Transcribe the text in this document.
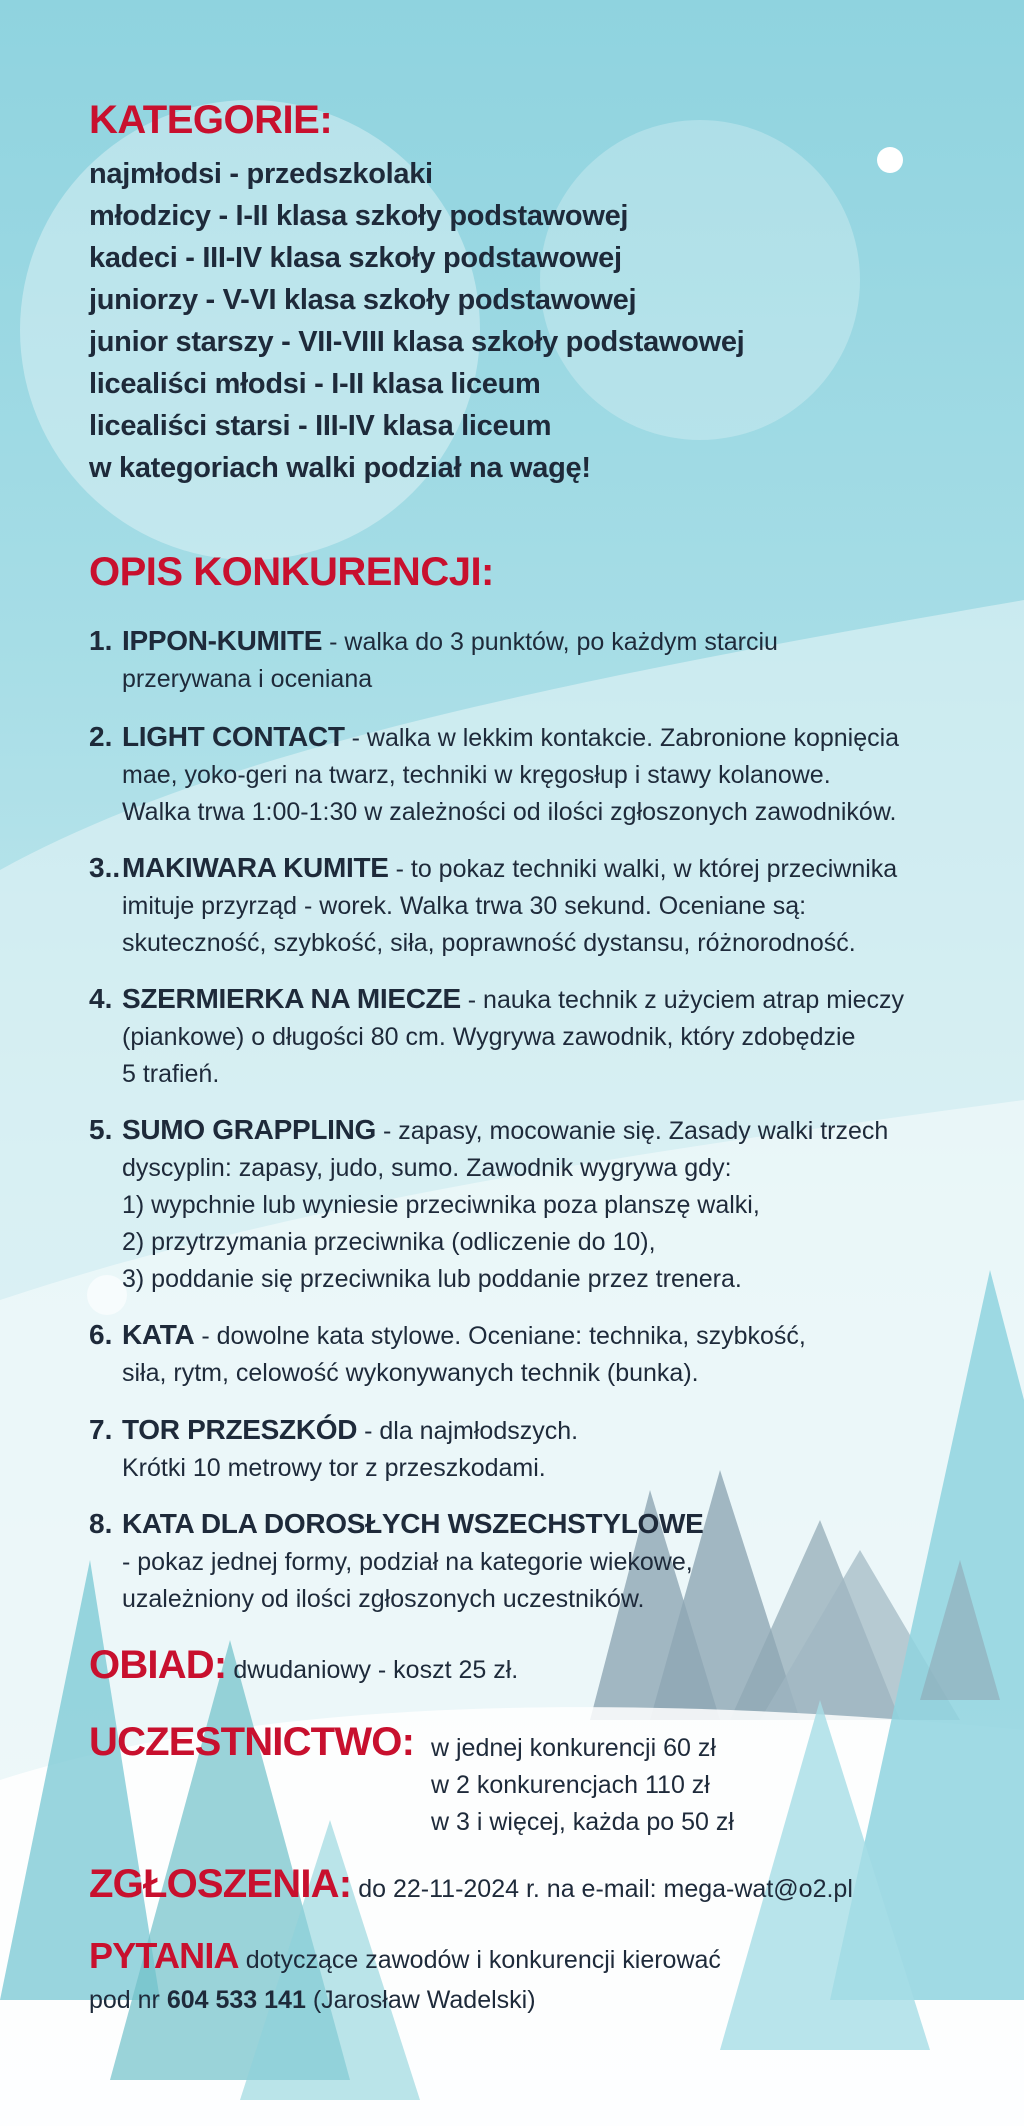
KATEGORIE:
najmłodsi - przedszkolaki
młodzicy - I-II klasa szkoły podstawowej
kadeci - III-IV klasa szkoły podstawowej
juniorzy - V-VI klasa szkoły podstawowej
junior starszy - VII-VIII klasa szkoły podstawowej
licealiści młodsi - I-II klasa liceum
licealiści starsi - III-IV klasa liceum
w kategoriach walki podział na wagę!
OPIS KONKURENCJI:
1. IPPON-KUMITE - walka do 3 punktów, po każdym starciu
przerywana i oceniana
2. LIGHT CONTACT - walka w lekkim kontakcie. Zabronione kopnięcia
mae, yoko-geri na twarz, techniki w kręgosłup i stawy kolanowe.
Walka trwa 1:00-1:30 w zależności od ilości zgłoszonych zawodników.
3.. MAKIWARA KUMITE - to pokaz techniki walki, w której przeciwnika
imituje przyrząd - worek. Walka trwa 30 sekund. Oceniane są:
skuteczność, szybkość, siła, poprawność dystansu, różnorodność.
4. SZERMIERKA NA MIECZE - nauka technik z użyciem atrap mieczy
(piankowe) o długości 80 cm. Wygrywa zawodnik, który zdobędzie
5 trafień.
5. SUMO GRAPPLING - zapasy, mocowanie się. Zasady walki trzech
dyscyplin: zapasy, judo, sumo. Zawodnik wygrywa gdy:
1) wypchnie lub wyniesie przeciwnika poza planszę walki,
2) przytrzymania przeciwnika (odliczenie do 10),
3) poddanie się przeciwnika lub poddanie przez trenera.
6. KATA - dowolne kata stylowe. Oceniane: technika, szybkość,
siła, rytm, celowość wykonywanych technik (bunka).
7. TOR PRZESZKÓD - dla najmłodszych.
Krótki 10 metrowy tor z przeszkodami.
8. KATA DLA DOROSŁYCH WSZECHSTYLOWE
- pokaz jednej formy, podział na kategorie wiekowe,
uzależniony od ilości zgłoszonych uczestników.
OBIAD: dwudaniowy - koszt 25 zł.
UCZESTNICTWO: w jednej konkurencji 60 zł
w 2 konkurencjach 110 zł
w 3 i więcej, każda po 50 zł
ZGŁOSZENIA: do 22-11-2024 r. na e-mail: mega-wat@o2.pl
PYTANIA dotyczące zawodów i konkurencji kierować
pod nr 604 533 141 (Jarosław Wadelski)
